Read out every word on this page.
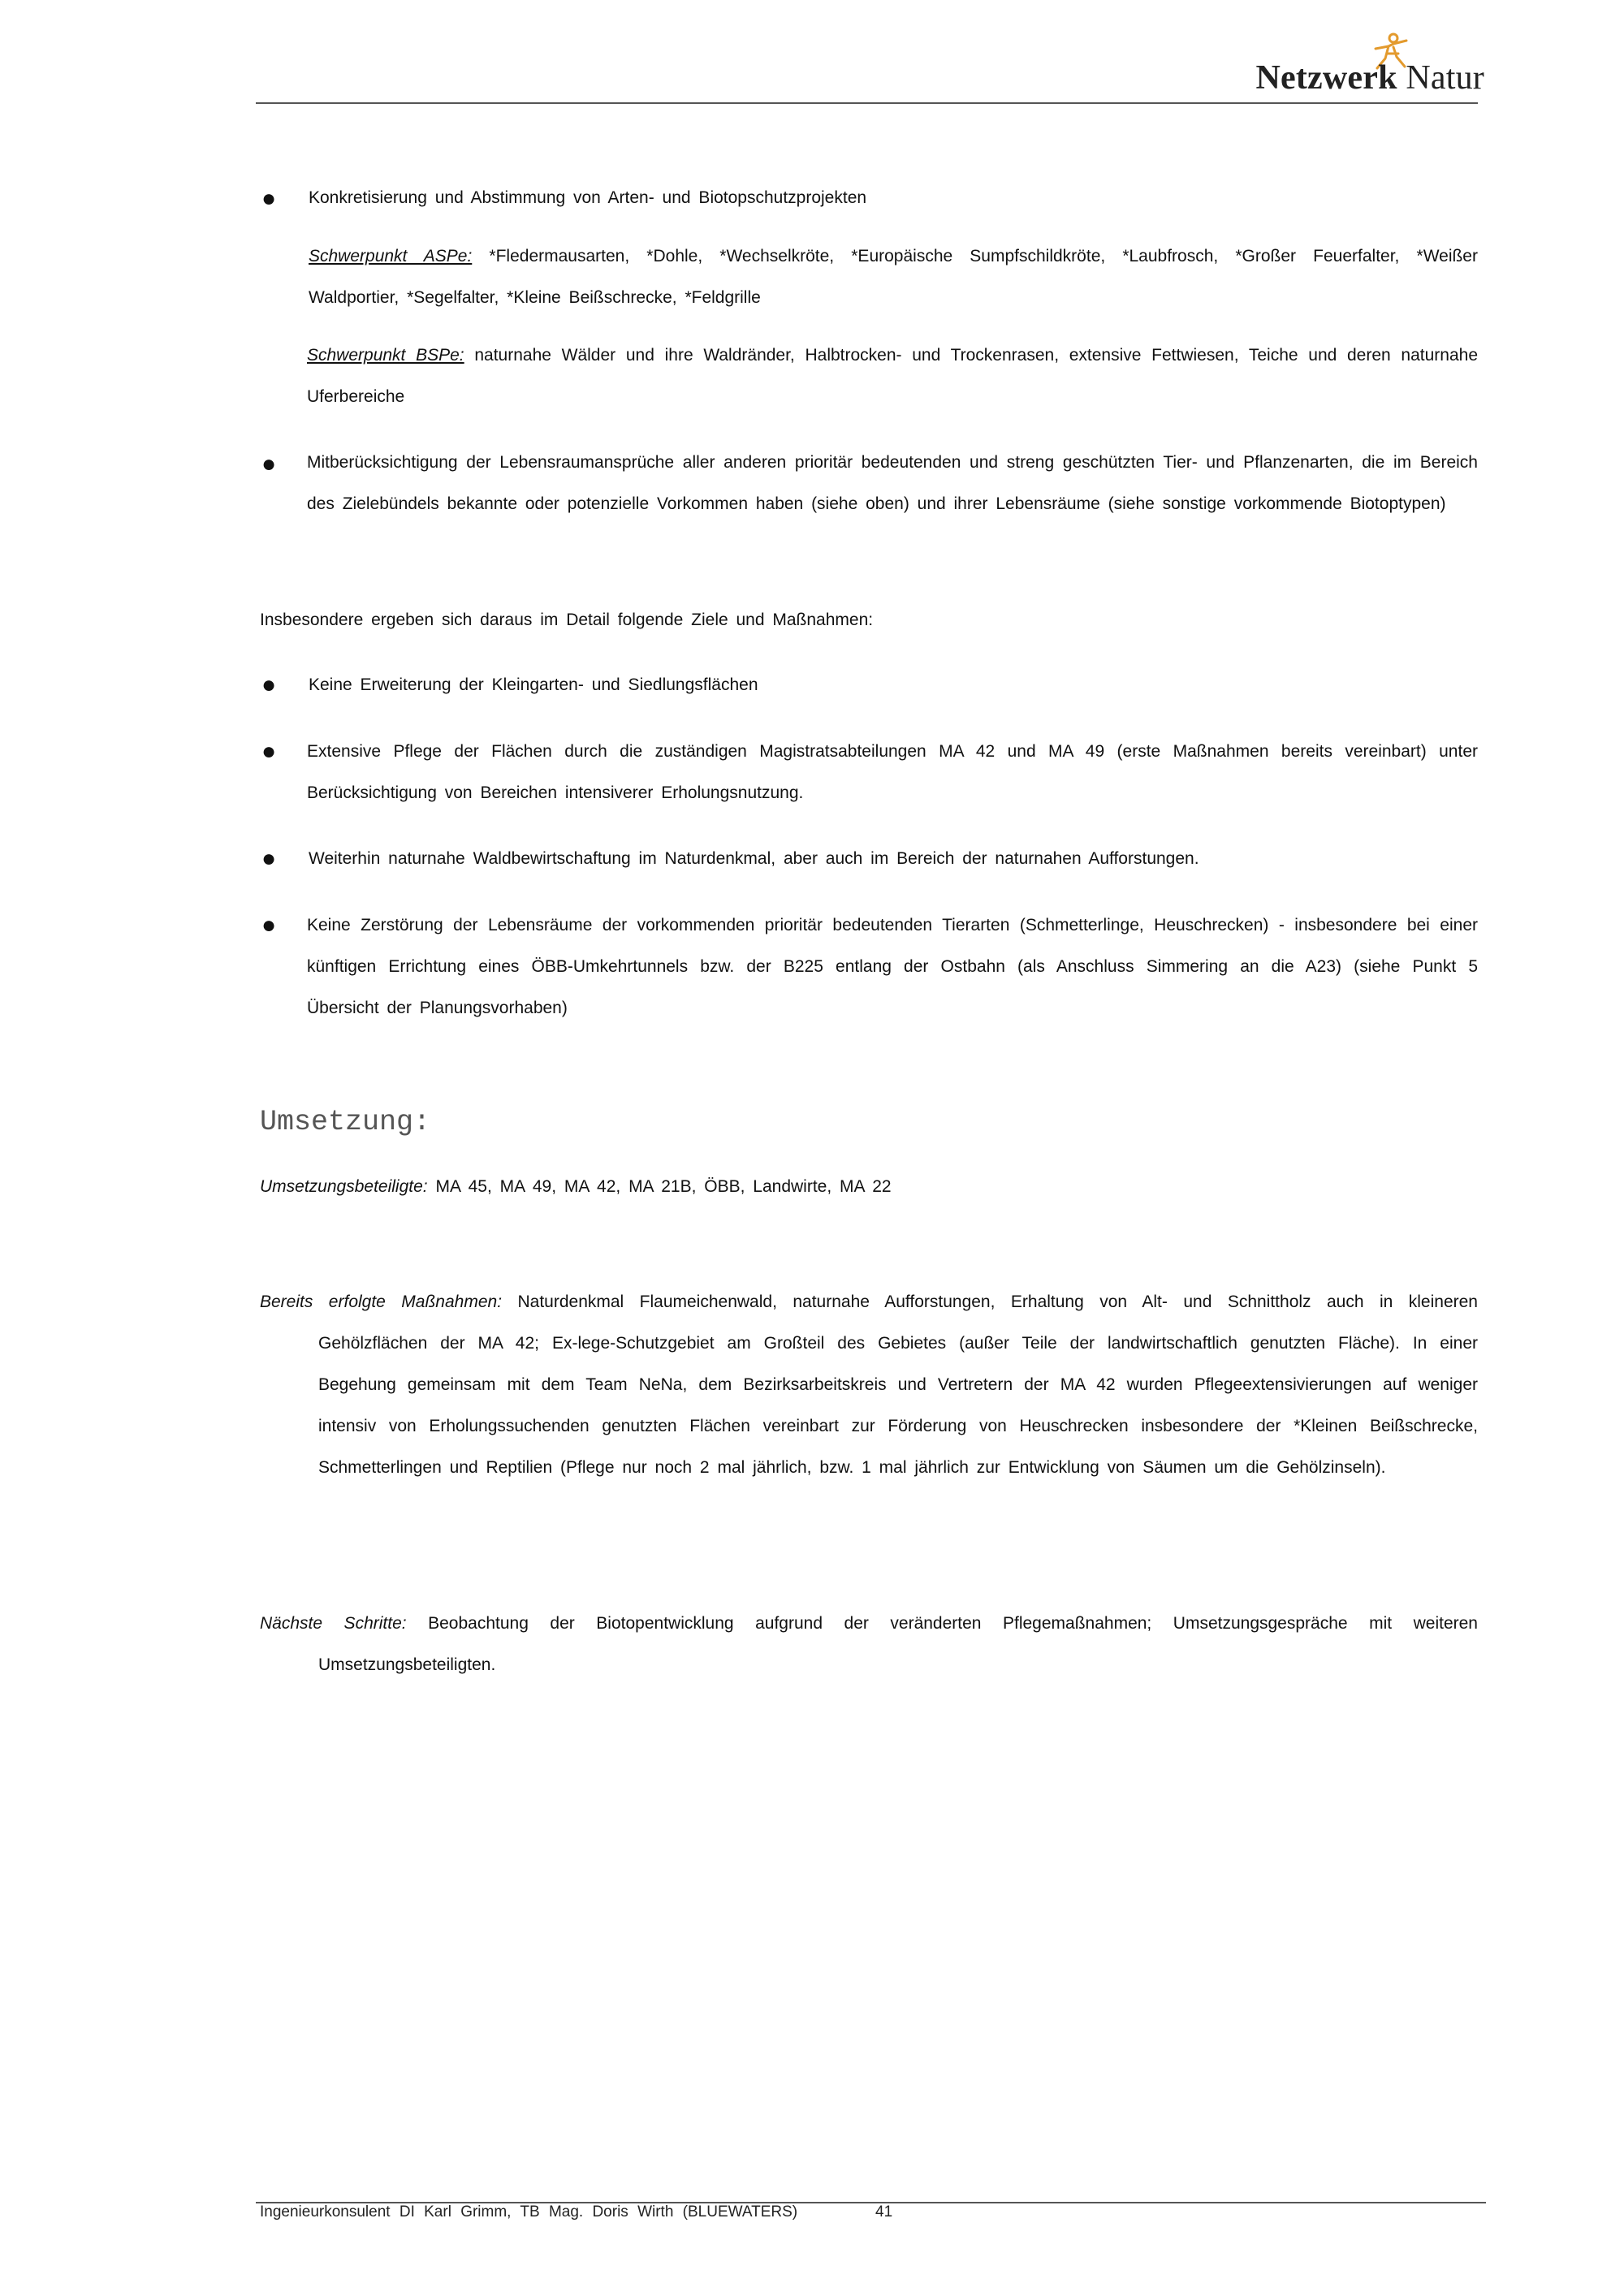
Netzwerk Natur
● Konkretisierung und Abstimmung von Arten- und Biotopschutzprojekten
Schwerpunkt ASPe: *Fledermausarten, *Dohle, *Wechselkröte, *Europäische Sumpfschildkröte, *Laubfrosch, *Großer Feuerfalter, *Weißer Waldportier, *Segelfalter, *Kleine Beißschrecke, *Feldgrille
Schwerpunkt BSPe: naturnahe Wälder und ihre Waldränder, Halbtrocken- und Trockenrasen, extensive Fettwiesen, Teiche und deren naturnahe Uferbereiche
● Mitberücksichtigung der Lebensraumansprüche aller anderen prioritär bedeutenden und streng geschützten Tier- und Pflanzenarten, die im Bereich des Zielebündels bekannte oder potenzielle Vorkommen haben (siehe oben) und ihrer Lebensräume (siehe sonstige vorkommende Biotoptypen)
Insbesondere ergeben sich daraus im Detail folgende Ziele und Maßnahmen:
● Keine Erweiterung der Kleingarten- und Siedlungsflächen
● Extensive Pflege der Flächen durch die zuständigen Magistratsabteilungen MA 42 und MA 49 (erste Maßnahmen bereits vereinbart) unter Berücksichtigung von Bereichen intensiverer Erholungsnutzung.
● Weiterhin naturnahe Waldbewirtschaftung im Naturdenkmal, aber auch im Bereich der naturnahen Aufforstungen.
● Keine Zerstörung der Lebensräume der vorkommenden prioritär bedeutenden Tierarten (Schmetterlinge, Heuschrecken) - insbesondere bei einer künftigen Errichtung eines ÖBB-Umkehrtunnels bzw. der B225 entlang der Ostbahn (als Anschluss Simmering an die A23) (siehe Punkt 5 Übersicht der Planungsvorhaben)
Umsetzung:
Umsetzungsbeteiligte: MA 45, MA 49, MA 42, MA 21B, ÖBB, Landwirte, MA 22
Bereits erfolgte Maßnahmen: Naturdenkmal Flaumeichenwald, naturnahe Aufforstungen, Erhaltung von Alt- und Schnittholz auch in kleineren Gehölzflächen der MA 42; Ex-lege-Schutzgebiet am Großteil des Gebietes (außer Teile der landwirtschaftlich genutzten Fläche). In einer Begehung gemeinsam mit dem Team NeNa, dem Bezirksarbeitskreis und Vertretern der MA 42 wurden Pflegeextensivierungen auf weniger intensiv von Erholungssuchenden genutzten Flächen vereinbart zur Förderung von Heuschrecken insbesondere der *Kleinen Beißschrecke, Schmetterlingen und Reptilien (Pflege nur noch 2 mal jährlich, bzw. 1 mal jährlich zur Entwicklung von Säumen um die Gehölzinseln).
Nächste Schritte: Beobachtung der Biotopentwicklung aufgrund der veränderten Pflegemaßnahmen; Umsetzungsgespräche mit weiteren Umsetzungsbeteiligten.
Ingenieurkonsulent DI Karl Grimm, TB Mag. Doris Wirth (BLUEWATERS)	41
